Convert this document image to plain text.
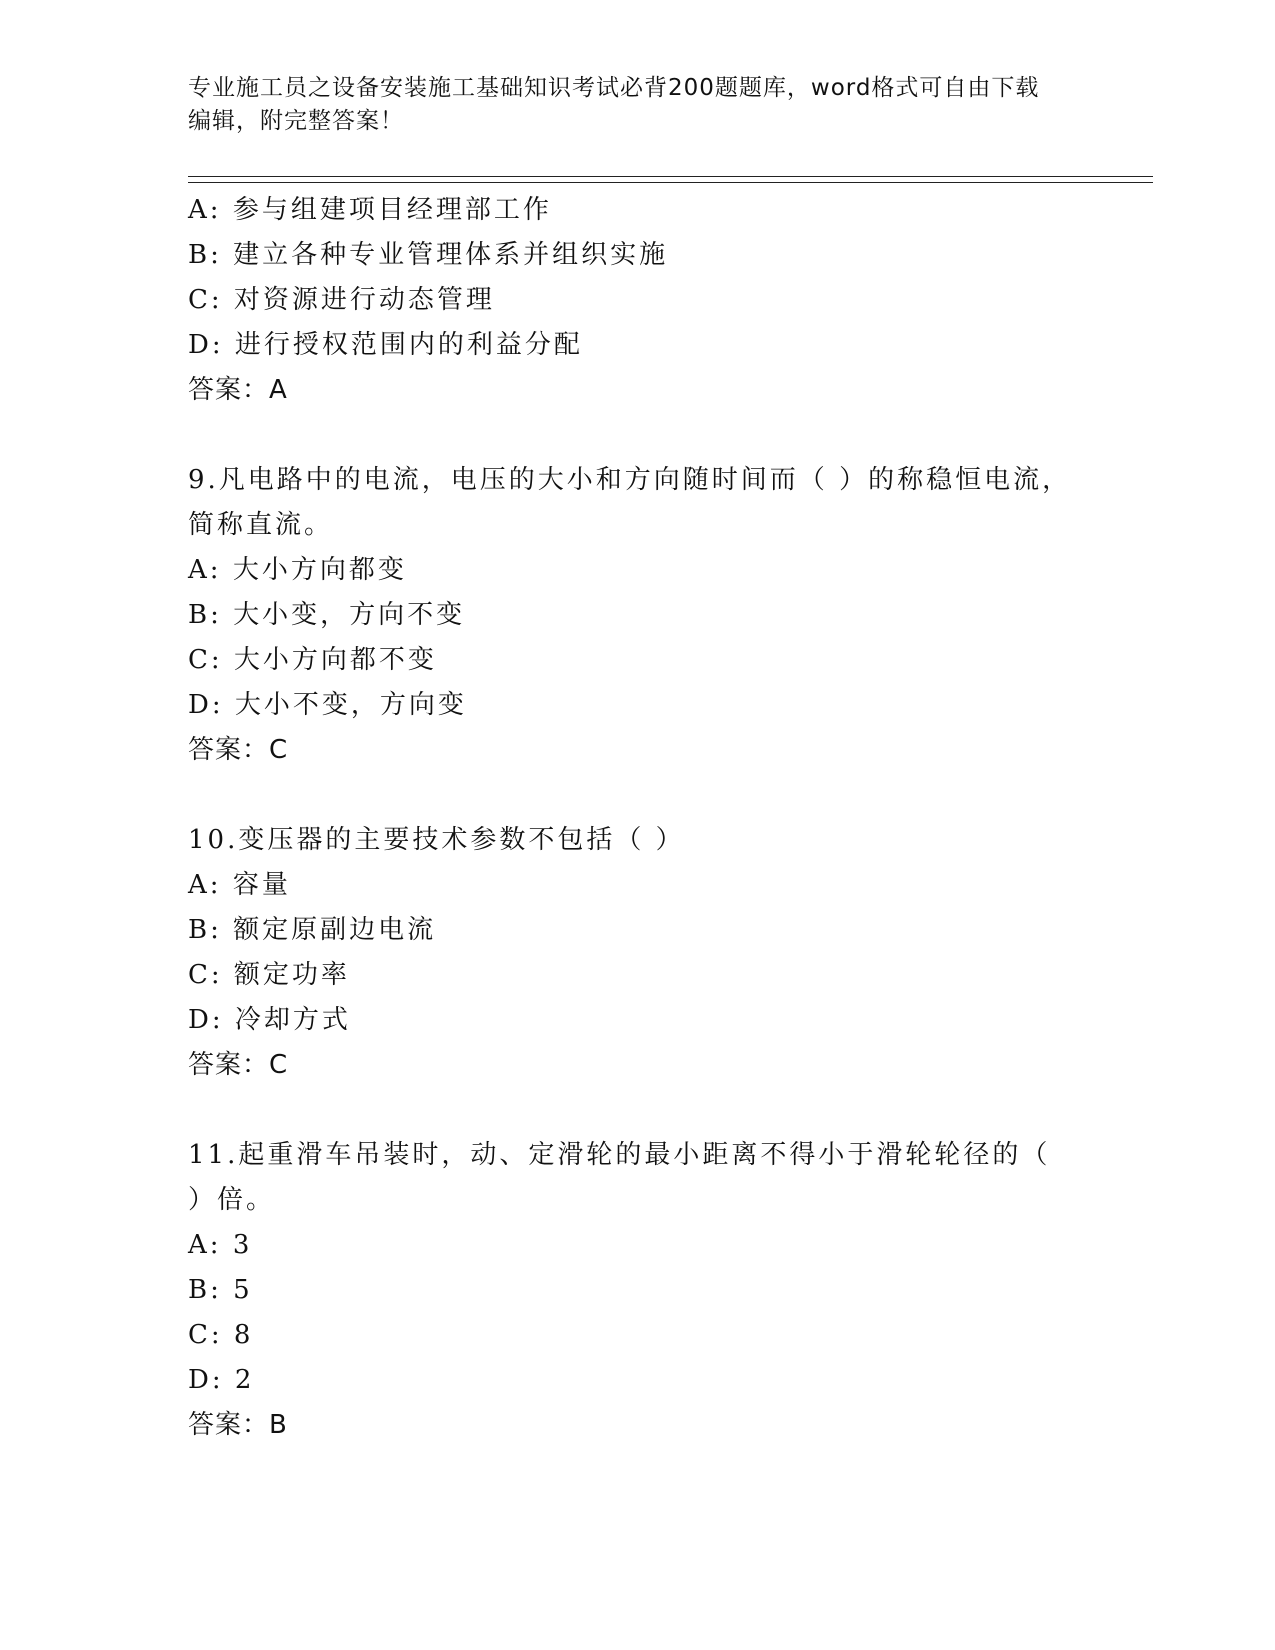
专业施工员之设备安装施工基础知识考试必背200题题库，word格式可自由下载
编辑，附完整答案！
A: 参与组建项目经理部工作
B: 建立各种专业管理体系并组织实施
C: 对资源进行动态管理
D: 进行授权范围内的利益分配
答案：A
9.凡电路中的电流，电压的大小和方向随时间而（ ）的称稳恒电流，
简称直流。
A: 大小方向都变
B: 大小变，方向不变
C: 大小方向都不变
D: 大小不变，方向变
答案：C
10.变压器的主要技术参数不包括（ ）
A: 容量
B: 额定原副边电流
C: 额定功率
D: 冷却方式
答案：C
11.起重滑车吊装时，动、定滑轮的最小距离不得小于滑轮轮径的（
）倍。
A: 3
B: 5
C: 8
D: 2
答案：B
